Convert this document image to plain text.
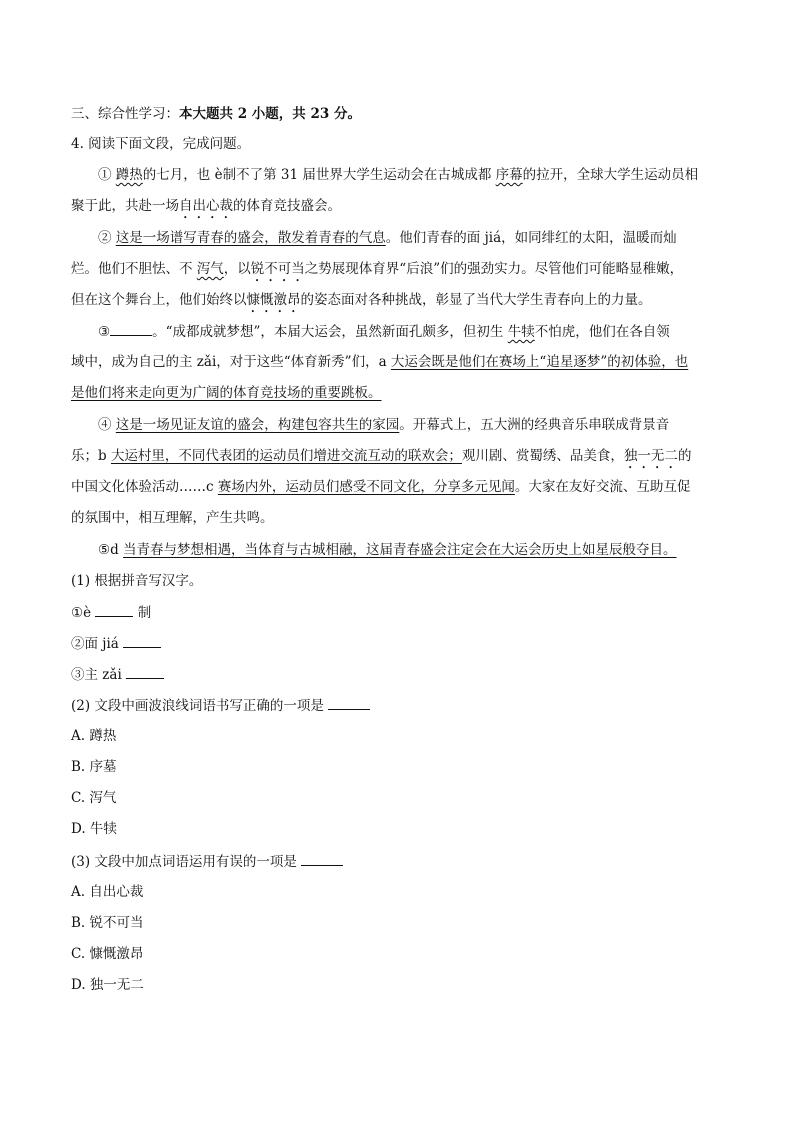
三、综合性学习：本大题共 2 小题，共 23 分。
4. 阅读下面文段，完成问题。
① 蹲热的七月，也 è制不了第 31 届世界大学生运动会在古城成都 序幕的拉开，全球大学生运动员相
聚于此，共赴一场自出心裁的体育竞技盛会。
② 这是一场谱写青春的盛会，散发着青春的气息。他们青春的面 jiá，如同绯红的太阳，温暖而灿
烂。他们不胆怯、不 泻气，以锐不可当之势展现体育界“后浪”们的强劲实力。尽管他们可能略显稚嫩，
但在这个舞台上，他们始终以慷慨激昂的姿态面对各种挑战，彰显了当代大学生青春向上的力量。
③	。“成都成就梦想”，本届大运会，虽然新面孔颇多，但初生 牛犊不怕虎，他们在各自领
域中，成为自己的主 zǎi，对于这些“体育新秀”们，a 大运会既是他们在赛场上“追星逐梦”的初体验，也
是他们将来走向更为广阔的体育竞技场的重要跳板。
④ 这是一场见证友谊的盛会，构建包容共生的家园。开幕式上，五大洲的经典音乐串联成背景音
乐；b 大运村里，不同代表团的运动员们增进交流互动的联欢会；观川剧、赏蜀绣、品美食，独一无二的
中国文化体验活动……c 赛场内外，运动员们感受不同文化，分享多元见闻。大家在友好交流、互助互促
的氛围中，相互理解，产生共鸣。
⑤d 当青春与梦想相遇，当体育与古城相融，这届青春盛会注定会在大运会历史上如星辰般夺目。
(1) 根据拼音写汉字。
①è	制
②面 jiá
③主 zǎi
(2) 文段中画波浪线词语书写正确的一项是
A. 蹲热
B. 序墓
C. 泻气
D. 牛犊
(3) 文段中加点词语运用有误的一项是
A. 自出心裁
B. 锐不可当
C. 慷慨激昂
D. 独一无二
